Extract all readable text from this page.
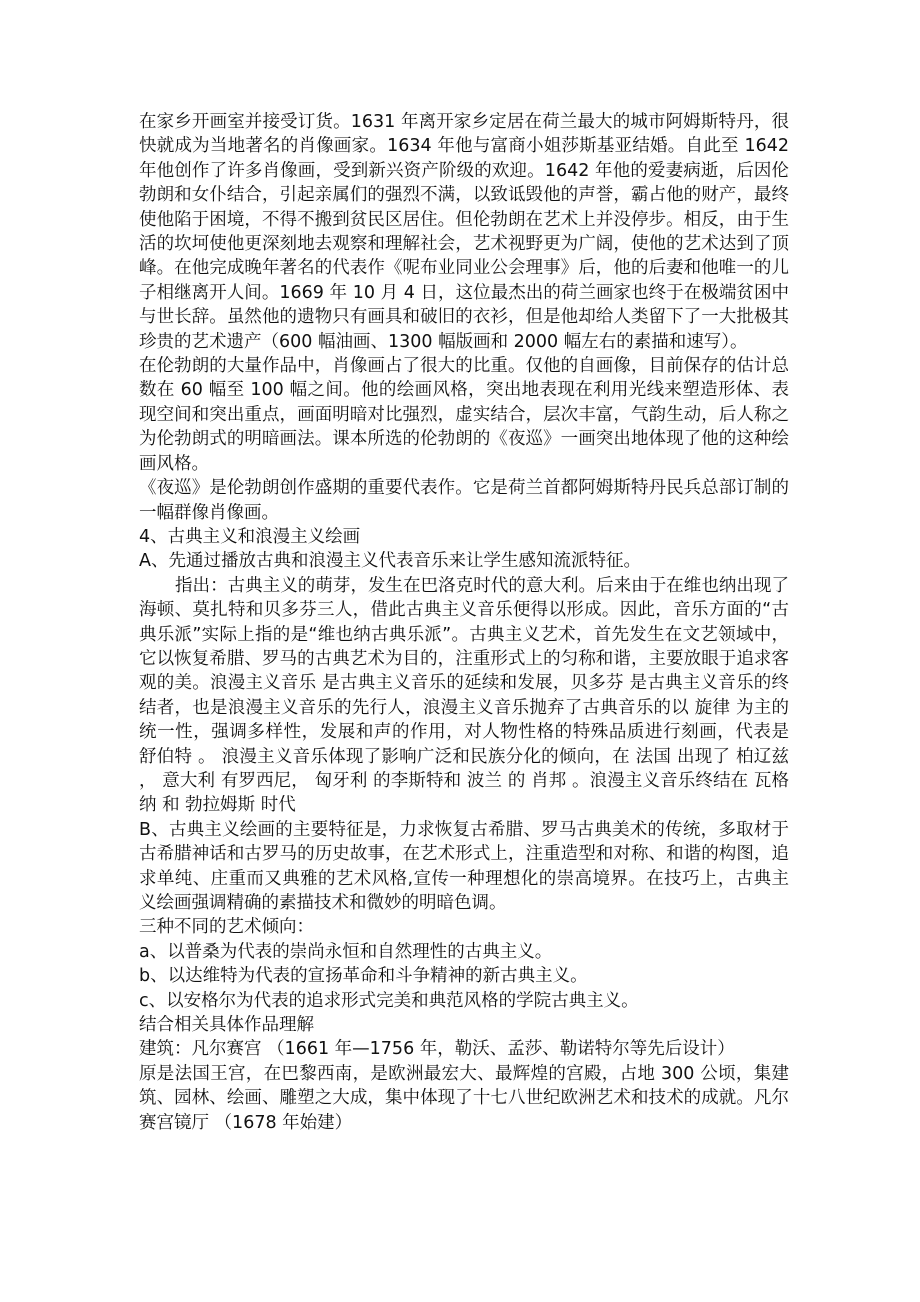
在家乡开画室并接受订货。1631 年离开家乡定居在荷兰最大的城市阿姆斯特丹，很快就成为当地著名的肖像画家。1634 年他与富商小姐莎斯基亚结婚。自此至 1642 年他创作了许多肖像画，受到新兴资产阶级的欢迎。1642 年他的爱妻病逝，后因伦勃朗和女仆结合，引起亲属们的强烈不满，以致诋毁他的声誉，霸占他的财产，最终使他陷于困境，不得不搬到贫民区居住。但伦勃朗在艺术上并没停步。相反，由于生活的坎坷使他更深刻地去观察和理解社会，艺术视野更为广阔，使他的艺术达到了顶峰。在他完成晚年著名的代表作《呢布业同业公会理事》后，他的后妻和他唯一的儿子相继离开人间。1669 年 10 月 4 日，这位最杰出的荷兰画家也终于在极端贫困中与世长辞。虽然他的遗物只有画具和破旧的衣衫，但是他却给人类留下了一大批极其珍贵的艺术遗产（600 幅油画、1300 幅版画和 2000 幅左右的素描和速写）。

在伦勃朗的大量作品中，肖像画占了很大的比重。仅他的自画像，目前保存的估计总数在 60 幅至 100 幅之间。他的绘画风格，突出地表现在利用光线来塑造形体、表现空间和突出重点，画面明暗对比强烈，虚实结合，层次丰富，气韵生动，后人称之为伦勃朗式的明暗画法。课本所选的伦勃朗的《夜巡》一画突出地体现了他的这种绘画风格。

《夜巡》是伦勃朗创作盛期的重要代表作。它是荷兰首都阿姆斯特丹民兵总部订制的一幅群像肖像画。

4、古典主义和浪漫主义绘画

A、先通过播放古典和浪漫主义代表音乐来让学生感知流派特征。

指出：古典主义的萌芽，发生在巴洛克时代的意大利。后来由于在维也纳出现了海顿、莫扎特和贝多芬三人，借此古典主义音乐便得以形成。因此，音乐方面的“古典乐派”实际上指的是“维也纳古典乐派”。古典主义艺术，首先发生在文艺领域中，它以恢复希腊、罗马的古典艺术为目的，注重形式上的匀称和谐，主要放眼于追求客观的美。浪漫主义音乐 是古典主义音乐的延续和发展，贝多芬 是古典主义音乐的终结者，也是浪漫主义音乐的先行人，浪漫主义音乐抛弃了古典音乐的以 旋律 为主的统一性，强调多样性，发展和声的作用，对人物性格的特殊品质进行刻画，代表是 舒伯特 。 浪漫主义音乐体现了影响广泛和民族分化的倾向，在 法国 出现了 柏辽兹 ， 意大利 有罗西尼， 匈牙利 的李斯特和 波兰 的 肖邦 。浪漫主义音乐终结在 瓦格纳 和 勃拉姆斯 时代

B、古典主义绘画的主要特征是，力求恢复古希腊、罗马古典美术的传统，多取材于古希腊神话和古罗马的历史故事，在艺术形式上，注重造型和对称、和谐的构图，追求单纯、庄重而又典雅的艺术风格,宣传一种理想化的崇高境界。在技巧上，古典主义绘画强调精确的素描技术和微妙的明暗色调。

三种不同的艺术倾向：

a、以普桑为代表的崇尚永恒和自然理性的古典主义。

b、以达维特为代表的宣扬革命和斗争精神的新古典主义。

c、以安格尔为代表的追求形式完美和典范风格的学院古典主义。

结合相关具体作品理解

建筑：凡尔赛宫 （1661 年—1756 年，勒沃、孟莎、勒诺特尔等先后设计）

原是法国王宫，在巴黎西南，是欧洲最宏大、最辉煌的宫殿，占地 300 公顷，集建筑、园林、绘画、雕塑之大成，集中体现了十七八世纪欧洲艺术和技术的成就。凡尔赛宫镜厅 （1678 年始建）
